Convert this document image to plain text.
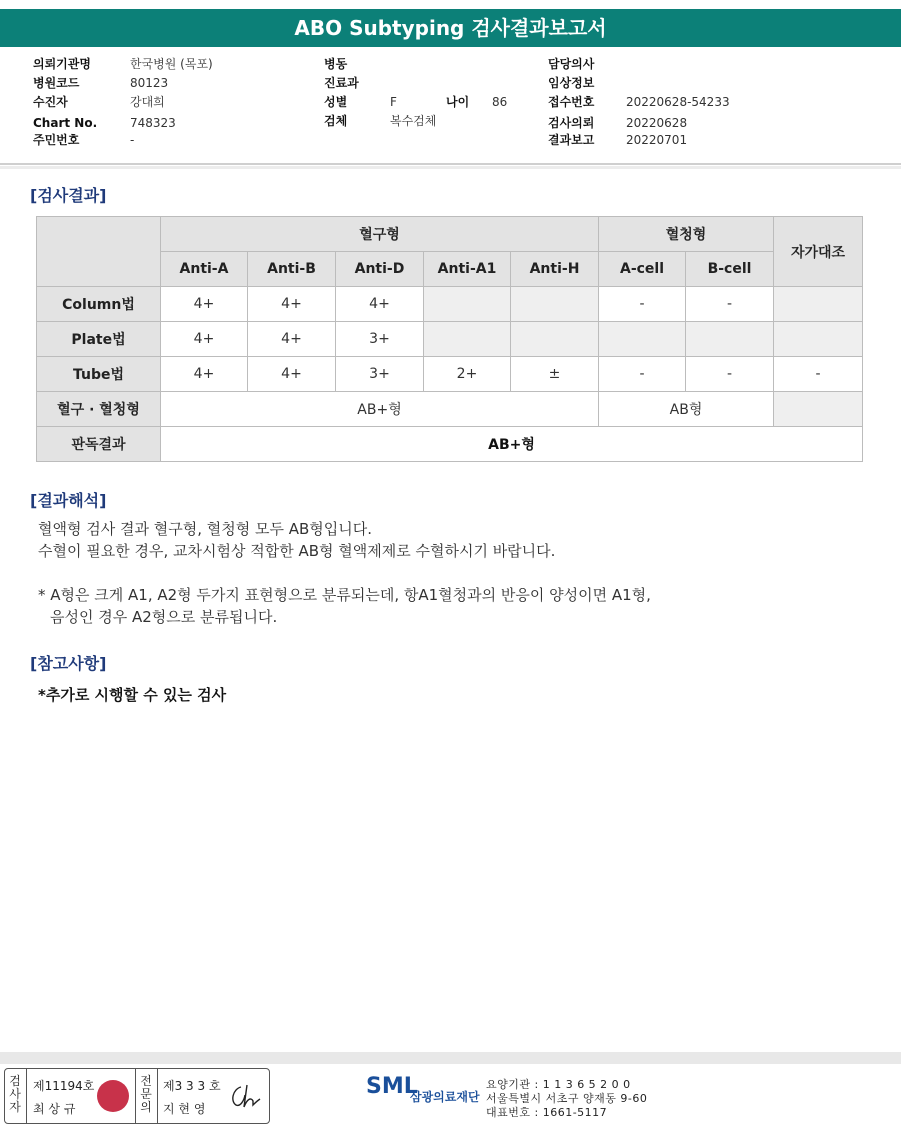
ABO Subtyping 검사결과보고서
의뢰기관명	한국병원 (목포)
병원코드	80123
수진자	강대희
Chart No.	748323
주민번호	-
병동
진료과
성별	F	나이 86
검체	복수검체
담당의사
임상정보
접수번호	20220628-54233
검사의뢰	20220628
결과보고	20220701
[검사결과]
	혈구형					혈청형		자가대조
	Anti-A	Anti-B	Anti-D	Anti-A1	Anti-H	A-cell	B-cell	
Column법	4+	4+	4+			-	-	
Plate법	4+	4+	3+					
Tube법	4+	4+	3+	2+	±	-	-	-
혈구 · 혈청형	AB+형					AB형		
판독결과	AB+형							
[결과해석]
혈액형 검사 결과 혈구형, 혈청형 모두 AB형입니다.
수혈이 필요한 경우, 교차시험상 적합한 AB형 혈액제제로 수혈하시기 바랍니다.
* A형은 크게 A1, A2형 두가지 표현형으로 분류되는데, 항A1혈청과의 반응이 양성이면 A1형,
음성인 경우 A2형으로 분류됩니다.
[참고사항]
*추가로 시행할 수 있는 검사
검사자
제11194호
최 상 규
전문의
제3 3 3 호
지 현 영
SML
삼광의료재단
요양기관 : 1 1 3 6 5 2 0 0
서울특별시 서초구 양재동 9-60
대표번호 : 1661-5117
